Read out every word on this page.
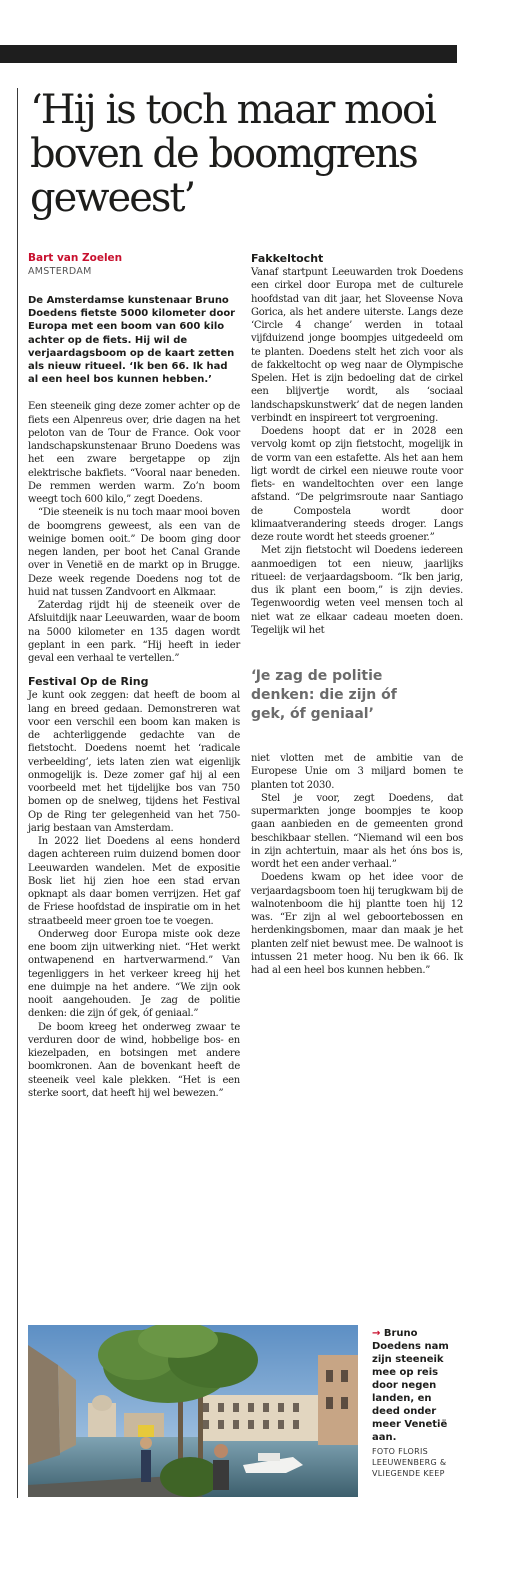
‘Hij is toch maar mooi boven de boomgrens geweest’
Bart van Zoelen
AMSTERDAM
De Amsterdamse kunstenaar Bruno Doedens fietste 5000 kilometer door Europa met een boom van 600 kilo achter op de fiets. Hij wil de verjaardagsboom op de kaart zetten als nieuw ritueel. ‘Ik ben 66. Ik had al een heel bos kunnen hebben.’

Een steeneik ging deze zomer achter op de fiets een Alpenreus over, drie dagen na het peloton van de Tour de France. Ook voor landschapskunstenaar Bruno Doedens was het een zware bergetappe op zijn elektrische bakfiets. “Vooral naar beneden. De remmen werden warm. Zo’n boom weegt toch 600 kilo,” zegt Doedens.

“Die steeneik is nu toch maar mooi boven de boomgrens geweest, als een van de weinige bomen ooit.” De boom ging door negen landen, per boot het Canal Grande over in Venetië en de markt op in Brugge. Deze week regende Doedens nog tot de huid nat tussen Zandvoort en Alkmaar.

Zaterdag rijdt hij de steeneik over de Afsluitdijk naar Leeuwarden, waar de boom na 5000 kilometer en 135 dagen wordt geplant in een park. “Hij heeft in ieder geval een verhaal te vertellen.”

Festival Op de Ring

Je kunt ook zeggen: dat heeft de boom al lang en breed gedaan. Demonstreren wat voor een verschil een boom kan maken is de achterliggende gedachte van de fietstocht. Doedens noemt het ‘radicale verbeelding’, iets laten zien wat eigenlijk onmogelijk is. Deze zomer gaf hij al een voorbeeld met het tijdelijke bos van 750 bomen op de snelweg, tijdens het Festival Op de Ring ter gelegenheid van het 750-jarig bestaan van Amsterdam.

In 2022 liet Doedens al eens honderd dagen achtereen ruim duizend bomen door Leeuwarden wandelen. Met de expositie Bosk liet hij zien hoe een stad ervan opknapt als daar bomen verrijzen. Het gaf de Friese hoofdstad de inspiratie om in het straatbeeld meer groen toe te voegen.

Onderweg door Europa miste ook deze ene boom zijn uitwerking niet. “Het werkt ontwapenend en hartverwarmend.” Van tegenliggers in het verkeer kreeg hij het ene duimpje na het andere. “We zijn ook nooit aangehouden. Je zag de politie denken: die zijn óf gek, óf geniaal.”

De boom kreeg het onderweg zwaar te verduren door de wind, hobbelige bos- en kiezelpaden, en botsingen met andere boomkronen. Aan de bovenkant heeft de steeneik veel kale plekken. “Het is een sterke soort, dat heeft hij wel bewezen.”

Fakkeltocht

Vanaf startpunt Leeuwarden trok Doedens een cirkel door Europa met de culturele hoofdstad van dit jaar, het Sloveense Nova Gorica, als het andere uiterste. Langs deze ‘Circle 4 change’ werden in totaal vijfduizend jonge boompjes uitgedeeld om te planten. Doedens stelt het zich voor als de fakkeltocht op weg naar de Olympische Spelen. Het is zijn bedoeling dat de cirkel een blijvertje wordt, als ‘sociaal landschapskunstwerk’ dat de negen landen verbindt en inspireert tot vergroening.

Doedens hoopt dat er in 2028 een vervolg komt op zijn fietstocht, mogelijk in de vorm van een estafette. Als het aan hem ligt wordt de cirkel een nieuwe route voor fiets- en wandeltochten over een lange afstand. “De pelgrimsroute naar Santiago de Compostela wordt door klimaatverandering steeds droger. Langs deze route wordt het steeds groener.”

Met zijn fietstocht wil Doedens iedereen aanmoedigen tot een nieuw, jaarlijks ritueel: de verjaardagsboom. “Ik ben jarig, dus ik plant een boom,” is zijn devies. Tegenwoordig weten veel mensen toch al niet wat ze elkaar cadeau moeten doen. Tegelijk wil het

‘Je zag de politie denken: die zijn óf gek, óf geniaal’

niet vlotten met de ambitie van de Europese Unie om 3 miljard bomen te planten tot 2030.

Stel je voor, zegt Doedens, dat supermarkten jonge boompjes te koop gaan aanbieden en de gemeenten grond beschikbaar stellen. “Niemand wil een bos in zijn achtertuin, maar als het óns bos is, wordt het een ander verhaal.”

Doedens kwam op het idee voor de verjaardagsboom toen hij terugkwam bij de walnotenboom die hij plantte toen hij 12 was. “Er zijn al wel geboortebossen en herdenkingsbomen, maar dan maak je het planten zelf niet bewust mee. De walnoot is intussen 21 meter hoog. Nu ben ik 66. Ik had al een heel bos kunnen hebben.”

→ Bruno Doedens nam zijn steeneik mee op reis door negen landen, en deed onder meer Venetië aan.
FOTO FLORIS LEEUWENBERG & VLIEGENDE KEEP
